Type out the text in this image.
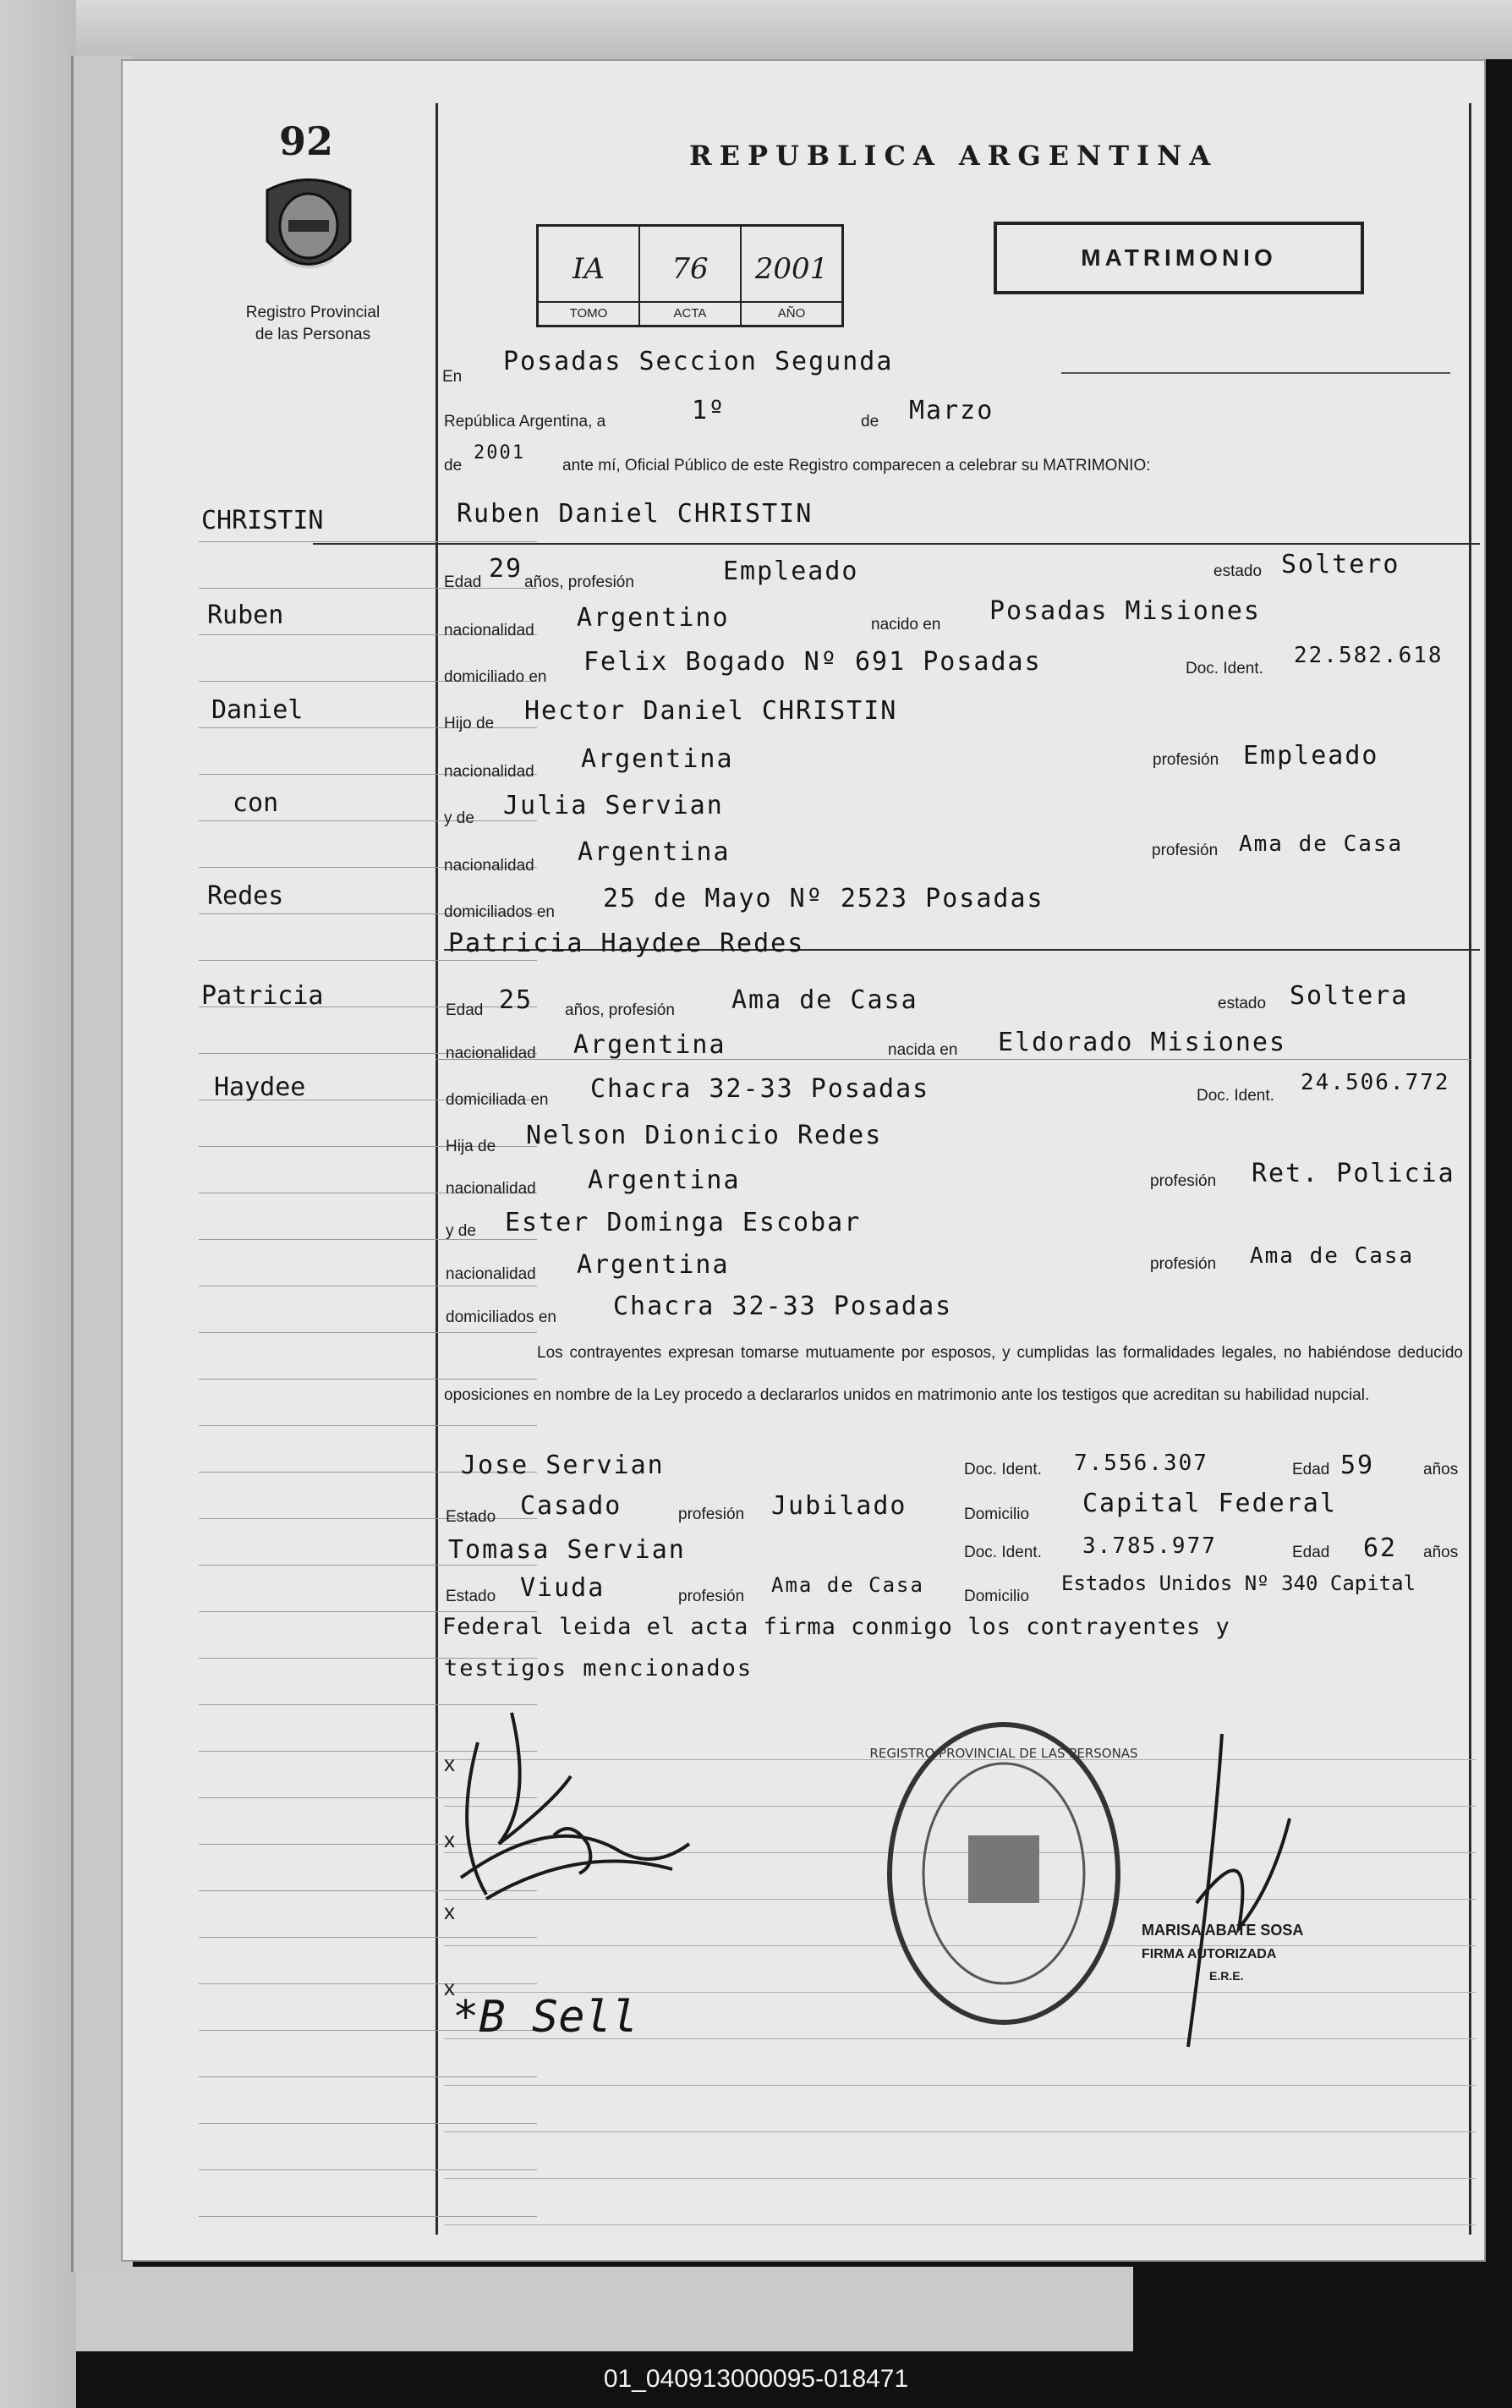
92
Registro Provincial
de las Personas
REPUBLICA ARGENTINA
IA
TOMO
76
ACTA
2001
AÑO
MATRIMONIO
CHRISTIN
Ruben
Daniel
con
Redes
Patricia
Haydee
En
Posadas Seccion Segunda
República Argentina, a	1º	de Marzo
de
2001
ante mí, Oficial Público de este Registro comparecen a celebrar su MATRIMONIO:
Ruben Daniel CHRISTIN
Edad 29 años, profesión	Empleado	estado Soltero
nacionalidad Argentino	nacido en Posadas Misiones
domiciliado en
Felix Bogado Nº 691 Posadas	Doc. Ident.
22.582.618
Hijo de Hector Daniel CHRISTIN
nacionalidad Argentina	profesión Empleado
y de Julia Servian
nacionalidad Argentina	profesión Ama de Casa
domiciliados en 25 de Mayo Nº 2523 Posadas
Patricia Haydee Redes
Edad 25 años, profesión Ama de Casa	estado Soltera
nacionalidad Argentina	nacida en Eldorado Misiones
domiciliada en Chacra 32-33 Posadas	Doc. Ident.
24.506.772
Hija de Nelson Dionicio Redes
nacionalidad Argentina	profesión Ret. Policia
y de Ester Dominga Escobar
nacionalidad Argentina	profesión Ama de Casa
domiciliados en Chacra 32-33 Posadas
Los contrayentes expresan tomarse mutuamente por esposos, y cumplidas las formalidades legales, no habiéndose deducido oposiciones en nombre de la Ley procedo a declararlos unidos en matrimonio ante los testigos que acreditan su habilidad nupcial.
Jose Servian	Doc. Ident. 7.556.307	Edad 59	años
Estado Casado	profesión Jubilado	Domicilio Capital Federal
Tomasa Servian	Doc. Ident. 3.785.977	Edad 62 años
Estado Viuda	profesión Ama de Casa Domicilio
Estados Unidos Nº 340 Capital
Federal leida el acta firma conmigo los contrayentes y
testigos mencionados
x
x
x
x
*B Sell
REGISTRO PROVINCIAL DE LAS PERSONAS
MARISA ABATE SOSA
FIRMA AUTORIZADA
E.R.E.
01_040913000095-018471
